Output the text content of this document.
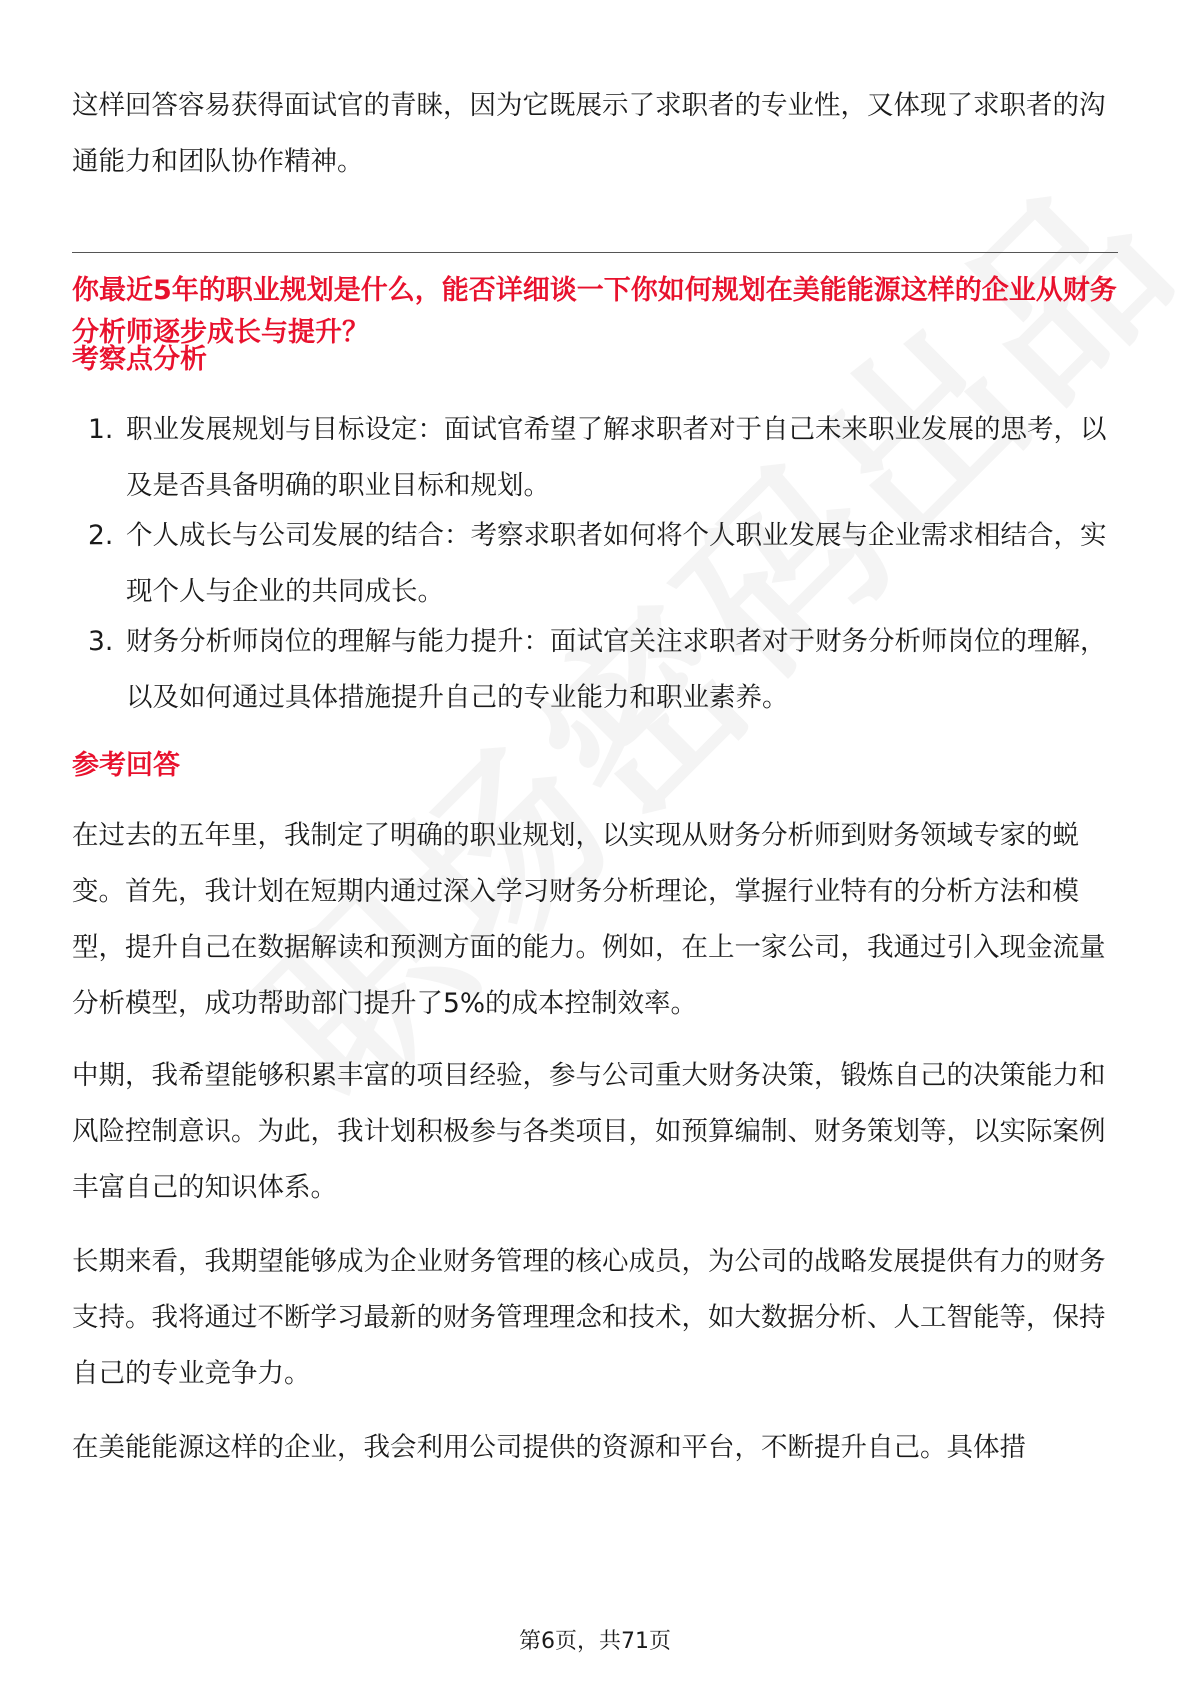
这样回答容易获得面试官的青睐，因为它既展示了求职者的专业性，又体现了求职者的沟通能力和团队协作精神。

你最近5年的职业规划是什么，能否详细谈一下你如何规划在美能能源这样的企业从财务分析师逐步成长与提升？

考察点分析

1. 职业发展规划与目标设定：面试官希望了解求职者对于自己未来职业发展的思考，以及是否具备明确的职业目标和规划。
2. 个人成长与公司发展的结合：考察求职者如何将个人职业发展与企业需求相结合，实现个人与企业的共同成长。
3. 财务分析师岗位的理解与能力提升：面试官关注求职者对于财务分析师岗位的理解，以及如何通过具体措施提升自己的专业能力和职业素养。

参考回答

在过去的五年里，我制定了明确的职业规划，以实现从财务分析师到财务领域专家的蜕变。首先，我计划在短期内通过深入学习财务分析理论，掌握行业特有的分析方法和模型，提升自己在数据解读和预测方面的能力。例如，在上一家公司，我通过引入现金流量分析模型，成功帮助部门提升了5%的成本控制效率。

中期，我希望能够积累丰富的项目经验，参与公司重大财务决策，锻炼自己的决策能力和风险控制意识。为此，我计划积极参与各类项目，如预算编制、财务策划等，以实际案例丰富自己的知识体系。

长期来看，我期望能够成为企业财务管理的核心成员，为公司的战略发展提供有力的财务支持。我将通过不断学习最新的财务管理理念和技术，如大数据分析、人工智能等，保持自己的专业竞争力。

在美能能源这样的企业，我会利用公司提供的资源和平台，不断提升自己。具体措

第6页，共71页
